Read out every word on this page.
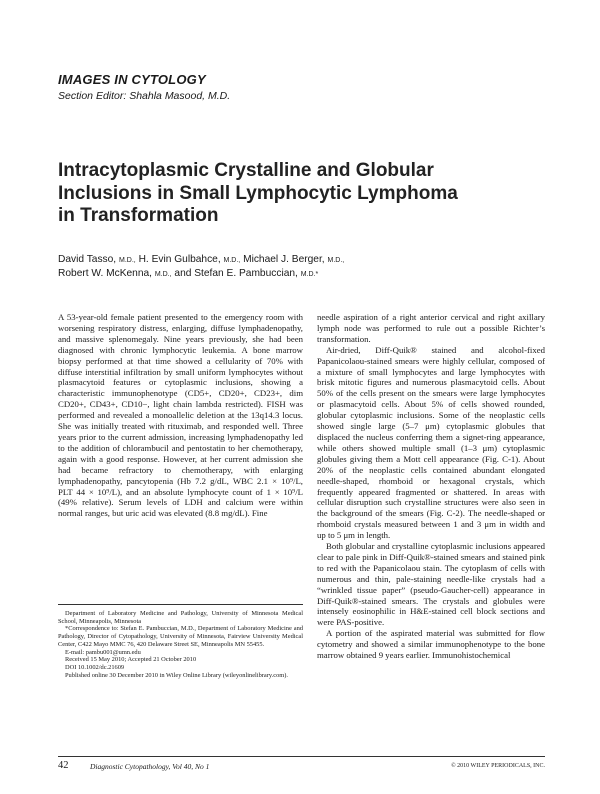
IMAGES IN CYTOLOGY
Section Editor: Shahla Masood, M.D.
Intracytoplasmic Crystalline and Globular Inclusions in Small Lymphocytic Lymphoma in Transformation
David Tasso, M.D., H. Evin Gulbahce, M.D., Michael J. Berger, M.D.,
Robert W. McKenna, M.D., and Stefan E. Pambuccian, M.D.*

A 53-year-old female patient presented to the emergency room with worsening respiratory distress, enlarging, diffuse lymphadenopathy, and massive splenomegaly. Nine years previously, she had been diagnosed with chronic lymphocytic leukemia. A bone marrow biopsy performed at that time showed a cellularity of 70% with diffuse interstitial infiltration by small uniform lymphocytes without plasmacytoid features or cytoplasmic inclusions, showing a characteristic immunophenotype (CD5+, CD20+, CD23+, dim CD20+, CD43+, CD10−, light chain lambda restricted). FISH was performed and revealed a monoallelic deletion at the 13q14.3 locus. She was initially treated with rituximab, and responded well. Three years prior to the current admission, increasing lymphadenopathy led to the addition of chlorambucil and pentostatin to her chemotherapy, again with a good response. However, at her current admission she had became refractory to chemotherapy, with enlarging lymphadenopathy, pancytopenia (Hb 7.2 g/dL, WBC 2.1 × 10⁹/L, PLT 44 × 10⁹/L), and an absolute lymphocyte count of 1 × 10⁹/L (49% relative). Serum levels of LDH and calcium were within normal ranges, but uric acid was elevated (8.8 mg/dL). Fine

needle aspiration of a right anterior cervical and right axillary lymph node was performed to rule out a possible Richter’s transformation.

Air-dried, Diff-Quik® stained and alcohol-fixed Papanicolaou-stained smears were highly cellular, composed of a mixture of small lymphocytes and large lymphocytes with brisk mitotic figures and numerous plasmacytoid cells. About 50% of the cells present on the smears were large lymphocytes or plasmacytoid cells. About 5% of cells showed rounded, globular cytoplasmic inclusions. Some of the neoplastic cells showed single large (5–7 μm) cytoplasmic globules that displaced the nucleus conferring them a signet-ring appearance, while others showed multiple small (1–3 μm) cytoplasmic globules giving them a Mott cell appearance (Fig. C-1). About 20% of the neoplastic cells contained abundant elongated needle-shaped, rhomboid or hexagonal crystals, which frequently appeared fragmented or shattered. In areas with cellular disruption such crystalline structures were also seen in the background of the smears (Fig. C-2). The needle-shaped or rhomboid crystals measured between 1 and 3 μm in width and up to 5 μm in length.

Both globular and crystalline cytoplasmic inclusions appeared clear to pale pink in Diff-Quik®-stained smears and stained pink to red with the Papanicolaou stain. The cytoplasm of cells with numerous and thin, pale-staining needle-like crystals had a “wrinkled tissue paper” (pseudo-Gaucher-cell) appearance in Diff-Quik®-stained smears. The crystals and globules were intensely eosinophilic in H&E-stained cell block sections and were PAS-positive.

A portion of the aspirated material was submitted for flow cytometry and showed a similar immunophenotype to the bone marrow obtained 9 years earlier. Immunohistochemical

Department of Laboratory Medicine and Pathology, University of Minnesota Medical School, Minneapolis, Minnesota

*Correspondence to: Stefan E. Pambuccian, M.D., Department of Laboratory Medicine and Pathology, Director of Cytopathology, University of Minnesota, Fairview University Medical Center, C422 Mayo MMC 76, 420 Delaware Street SE, Minneapolis MN 55455.

E-mail: pambu001@umn.edu

Received 15 May 2010; Accepted 21 October 2010

DOI 10.1002/dc.21609

Published online 30 December 2010 in Wiley Online Library (wileyonlinelibrary.com).

42	Diagnostic Cytopathology, Vol 40, No 1	© 2010 WILEY PERIODICALS, INC.
